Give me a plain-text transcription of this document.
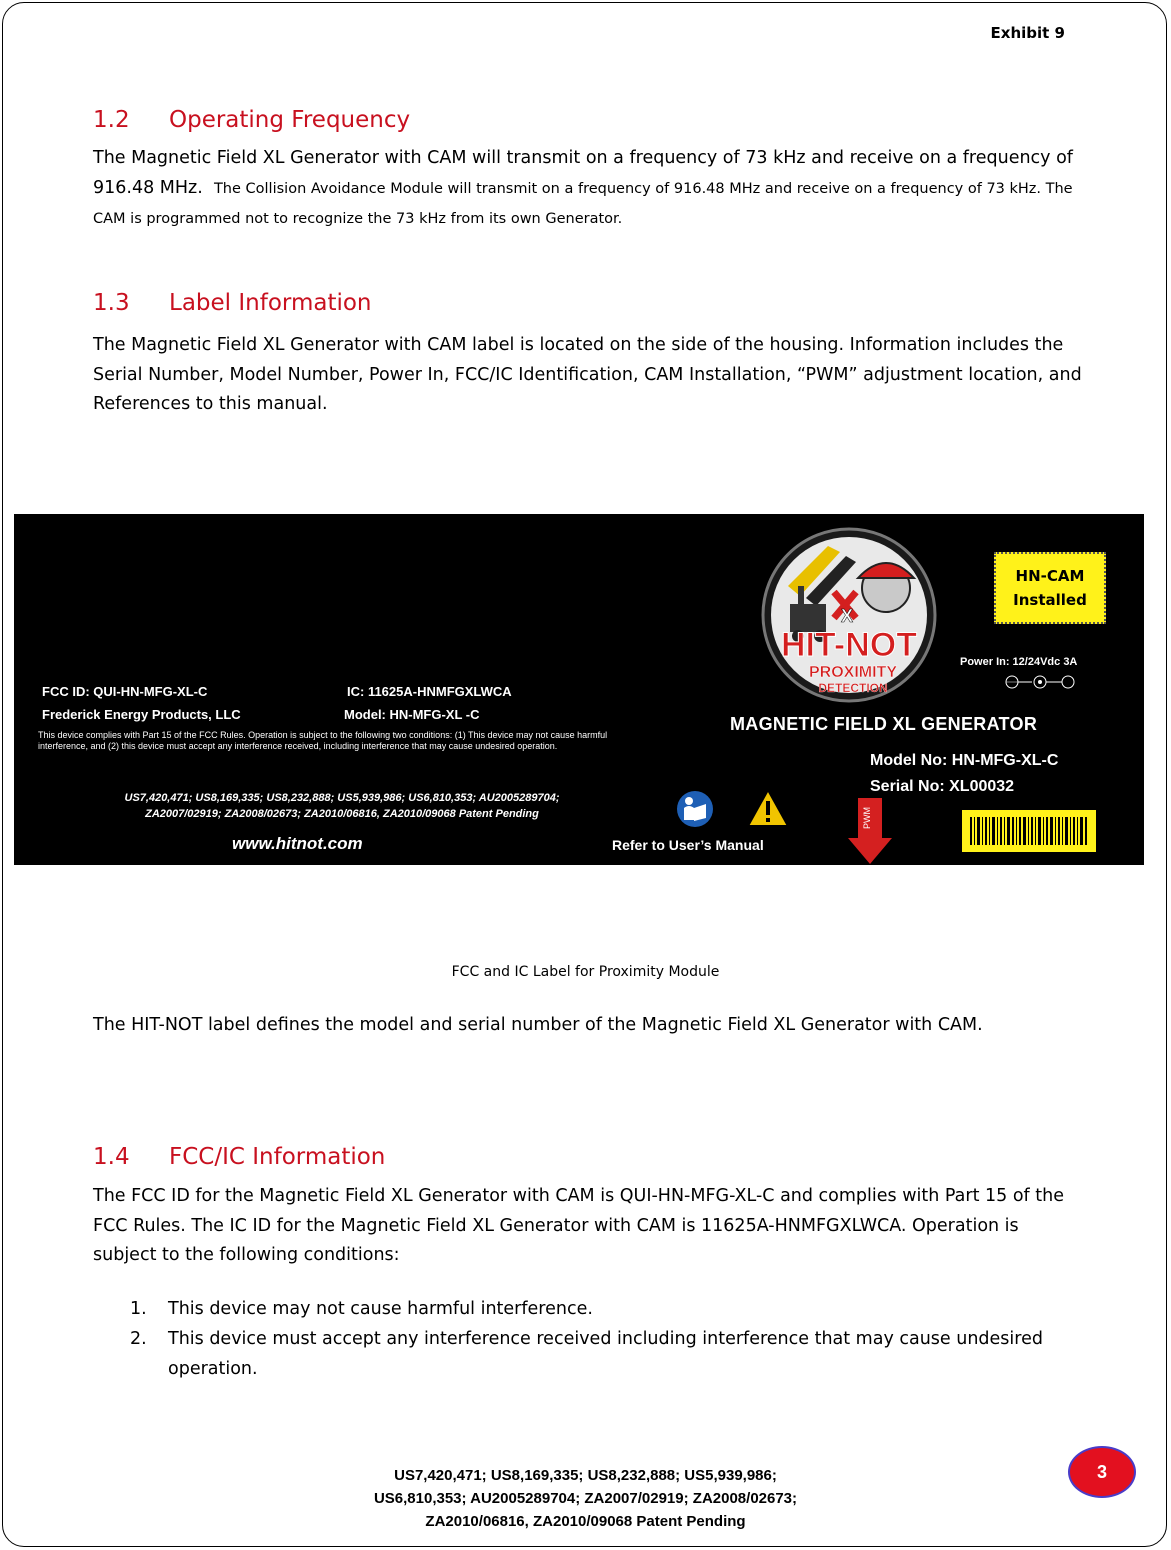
Exhibit 9
1.2 Operating Frequency

The Magnetic Field XL Generator with CAM will transmit on a frequency of 73 kHz and receive on a frequency of 916.48 MHz. The Collision Avoidance Module will transmit on a frequency of 916.48 MHz and receive on a frequency of 73 kHz. The CAM is programmed not to recognize the 73 kHz from its own Generator.

1.3 Label Information

The Magnetic Field XL Generator with CAM label is located on the side of the housing. Information includes the Serial Number, Model Number, Power In, FCC/IC Identification, CAM Installation, “PWM” adjustment location, and References to this manual.

FCC ID: QUI-HN-MFG-XL-C	IC: 11625A-HNMFGXLWCA
Frederick Energy Products, LLC	Model: HN-MFG-XL -C
This device complies with Part 15 of the FCC Rules. Operation is subject to the following two conditions: (1) This device may not cause harmful interference, and (2) this device must accept any interference received, including interference that may cause undesired operation.
US7,420,471; US8,169,335; US8,232,888; US5,939,986; US6,810,353; AU2005289704;
ZA2007/02919; ZA2008/02673; ZA2010/06816, ZA2010/09068 Patent Pending
www.hitnot.com	Refer to User’s Manual
MAGNETIC FIELD XL GENERATOR
Model No: HN-MFG-XL-C
Serial No: XL00032
Power In: 12/24Vdc 3A
HN-CAM
Installed
X
HIT-NOT
PROXIMITY
DETECTION
PWM
FCC and IC Label for Proximity Module

The HIT-NOT label defines the model and serial number of the Magnetic Field XL Generator with CAM.

1.4 FCC/IC Information

The FCC ID for the Magnetic Field XL Generator with CAM is QUI-HN-MFG-XL-C and complies with Part 15 of the FCC Rules. The IC ID for the Magnetic Field XL Generator with CAM is 11625A-HNMFGXLWCA. Operation is subject to the following conditions:

1. This device may not cause harmful interference.
2. This device must accept any interference received including interference that may cause undesired operation.
US7,420,471; US8,169,335; US8,232,888; US5,939,986;
US6,810,353; AU2005289704; ZA2007/02919; ZA2008/02673;
ZA2010/06816, ZA2010/09068 Patent Pending
3
